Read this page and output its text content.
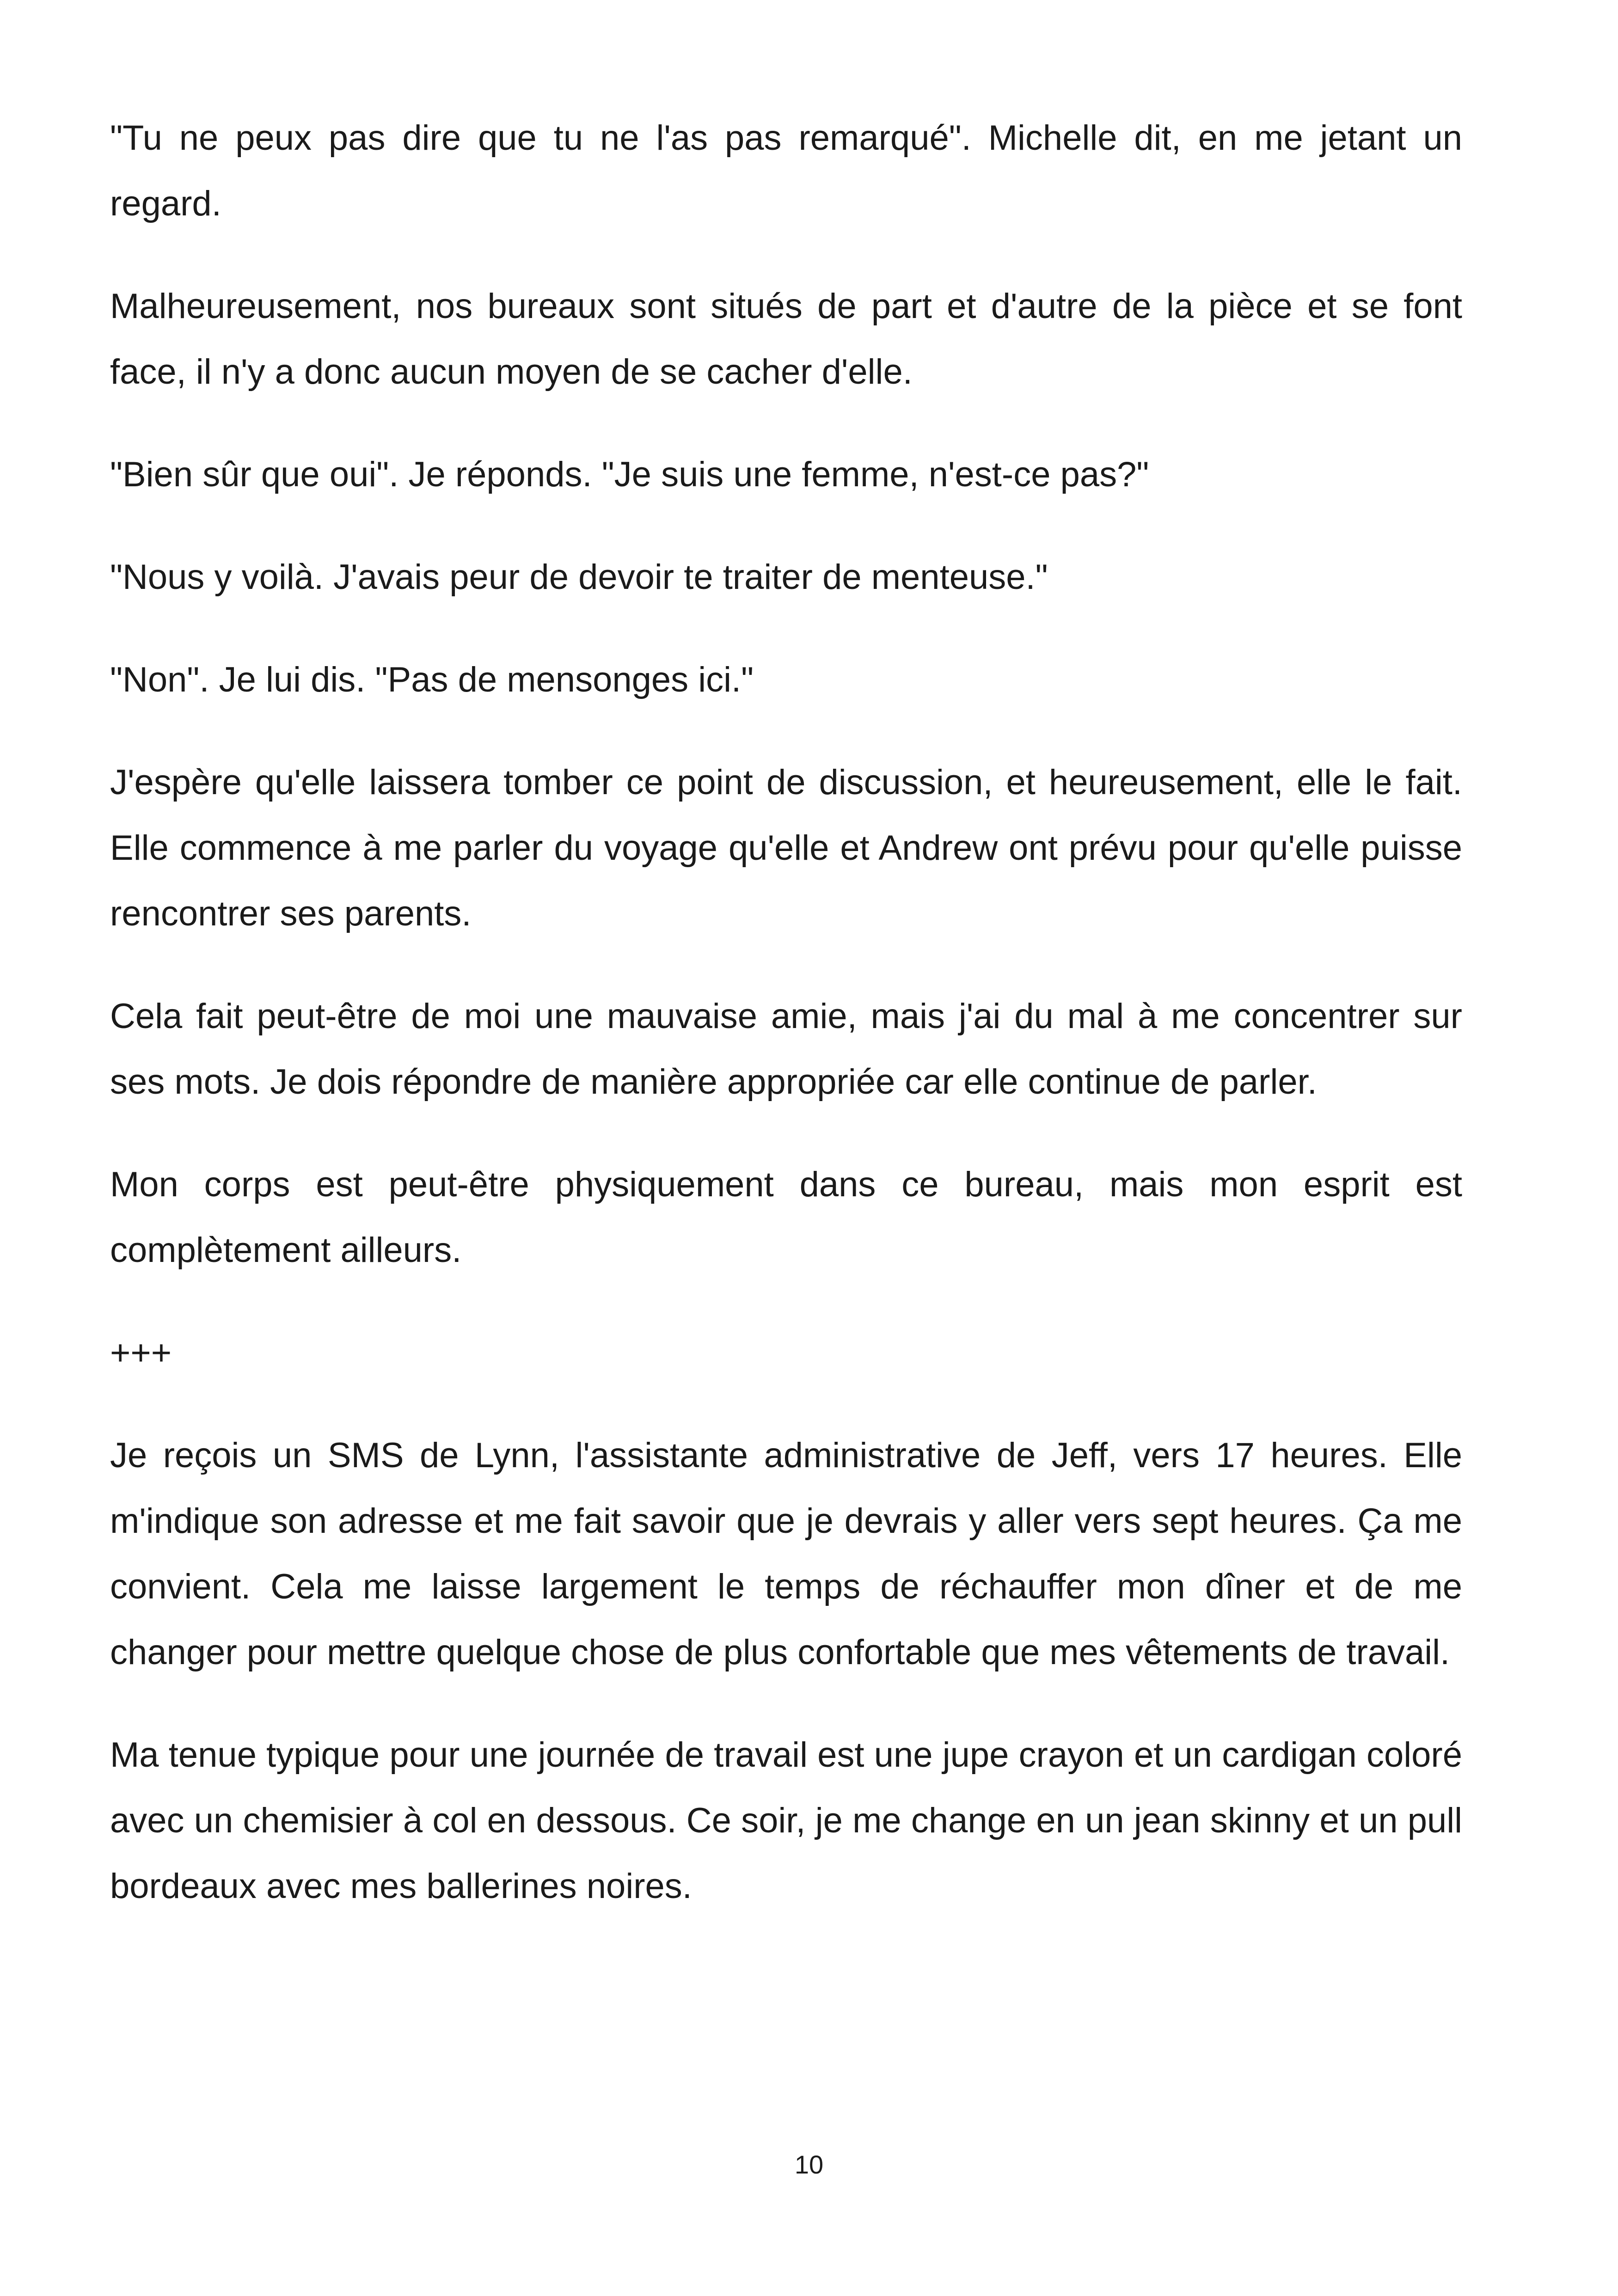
"Tu ne peux pas dire que tu ne l'as pas remarqué". Michelle dit, en me jetant un regard.

Malheureusement, nos bureaux sont situés de part et d'autre de la pièce et se font face, il n'y a donc aucun moyen de se cacher d'elle.

"Bien sûr que oui". Je réponds. "Je suis une femme, n'est-ce pas?"

"Nous y voilà. J'avais peur de devoir te traiter de menteuse."

"Non". Je lui dis. "Pas de mensonges ici."

J'espère qu'elle laissera tomber ce point de discussion, et heureusement, elle le fait. Elle commence à me parler du voyage qu'elle et Andrew ont prévu pour qu'elle puisse rencontrer ses parents.

Cela fait peut-être de moi une mauvaise amie, mais j'ai du mal à me concentrer sur ses mots. Je dois répondre de manière appropriée car elle continue de parler.

Mon corps est peut-être physiquement dans ce bureau, mais mon esprit est complètement ailleurs.

+++

Je reçois un SMS de Lynn, l'assistante administrative de Jeff, vers 17 heures. Elle m'indique son adresse et me fait savoir que je devrais y aller vers sept heures. Ça me convient. Cela me laisse largement le temps de réchauffer mon dîner et de me changer pour mettre quelque chose de plus confortable que mes vêtements de travail.

Ma tenue typique pour une journée de travail est une jupe crayon et un cardigan coloré avec un chemisier à col en dessous. Ce soir, je me change en un jean skinny et un pull bordeaux avec mes ballerines noires.

10
